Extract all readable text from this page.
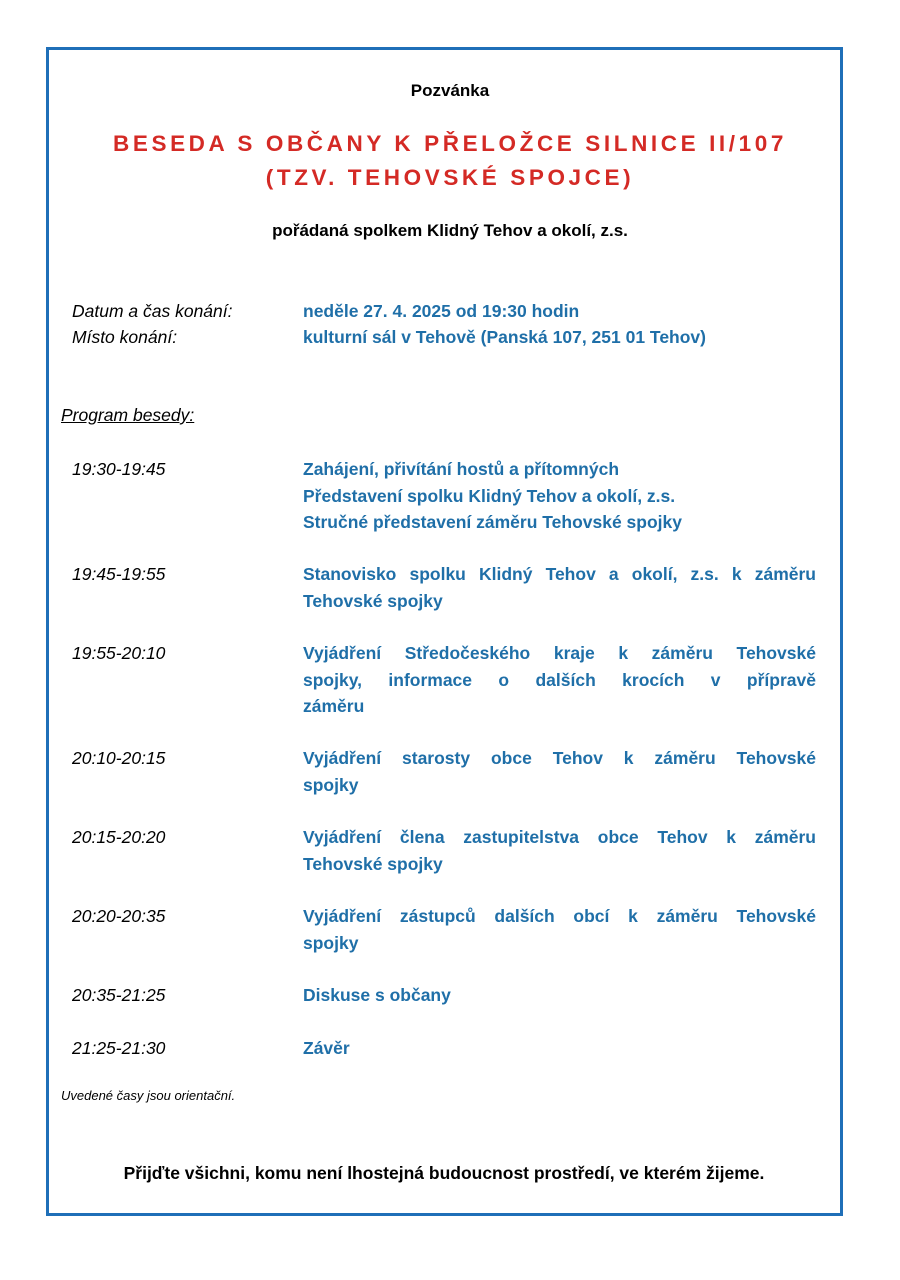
Pozvánka
BESEDA S OBČANY K PŘELOŽCE SILNICE II/107
(TZV. TEHOVSKÉ SPOJCE)
pořádaná spolkem Klidný Tehov a okolí, z.s.
Datum a čas konání:	neděle 27. 4. 2025 od 19:30 hodin
Místo konání:	kulturní sál v Tehově (Panská 107, 251 01 Tehov)
Program besedy:
19:30-19:45	Zahájení, přivítání hostů a přítomných
Představení spolku Klidný Tehov a okolí, z.s.
Stručné představení záměru Tehovské spojky
19:45-19:55	Stanovisko spolku Klidný Tehov a okolí, z.s. k záměru
Tehovské spojky
19:55-20:10	Vyjádření Středočeského kraje k záměru Tehovské
spojky, informace o dalších krocích v přípravě
záměru
20:10-20:15	Vyjádření starosty obce Tehov k záměru Tehovské
spojky
20:15-20:20	Vyjádření člena zastupitelstva obce Tehov k záměru
Tehovské spojky
20:20-20:35	Vyjádření zástupců dalších obcí k záměru Tehovské
spojky
20:35-21:25	Diskuse s občany
21:25-21:30	Závěr
Uvedené časy jsou orientační.
Přijďte všichni, komu není lhostejná budoucnost prostředí, ve kterém žijeme.
